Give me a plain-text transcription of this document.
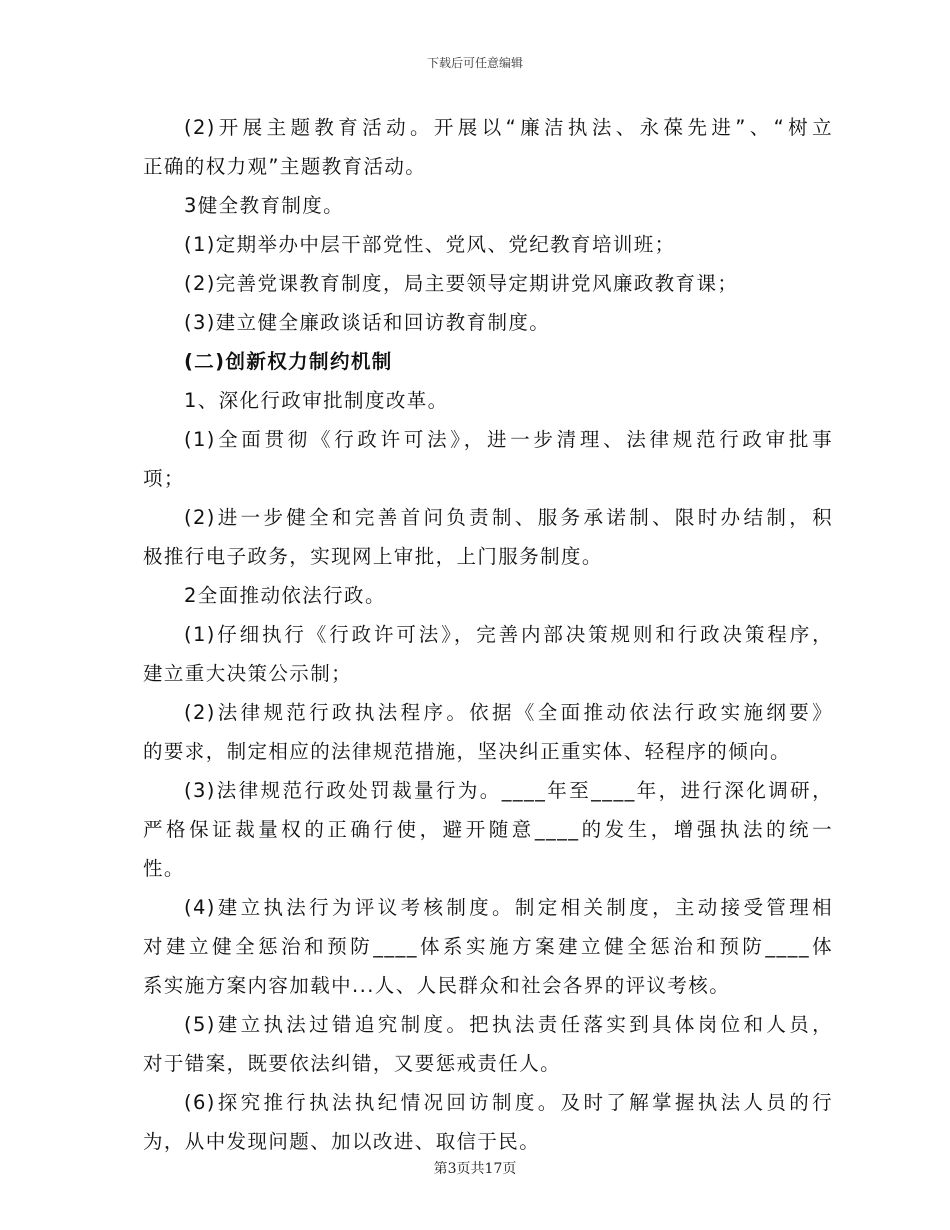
下载后可任意编辑
(2)开展主题教育活动。开展以“廉洁执法、永葆先进”、“树立
正确的权力观”主题教育活动。
3健全教育制度。
(1)定期举办中层干部党性、党风、党纪教育培训班；
(2)完善党课教育制度，局主要领导定期讲党风廉政教育课；
(3)建立健全廉政谈话和回访教育制度。
(二)创新权力制约机制
1、深化行政审批制度改革。
(1)全面贯彻《行政许可法》，进一步清理、法律规范行政审批事
项；
(2)进一步健全和完善首问负责制、服务承诺制、限时办结制，积
极推行电子政务，实现网上审批，上门服务制度。
2全面推动依法行政。
(1)仔细执行《行政许可法》，完善内部决策规则和行政决策程序，
建立重大决策公示制；
(2)法律规范行政执法程序。依据《全面推动依法行政实施纲要》
的要求，制定相应的法律规范措施，坚决纠正重实体、轻程序的倾向。
(3)法律规范行政处罚裁量行为。____年至____年，进行深化调研，
严格保证裁量权的正确行使，避开随意____的发生，增强执法的统一
性。
(4)建立执法行为评议考核制度。制定相关制度，主动接受管理相
对建立健全惩治和预防____体系实施方案建立健全惩治和预防____体
系实施方案内容加载中...人、人民群众和社会各界的评议考核。
(5)建立执法过错追究制度。把执法责任落实到具体岗位和人员，
对于错案，既要依法纠错，又要惩戒责任人。
(6)探究推行执法执纪情况回访制度。及时了解掌握执法人员的行
为，从中发现问题、加以改进、取信于民。
第3页共17页
